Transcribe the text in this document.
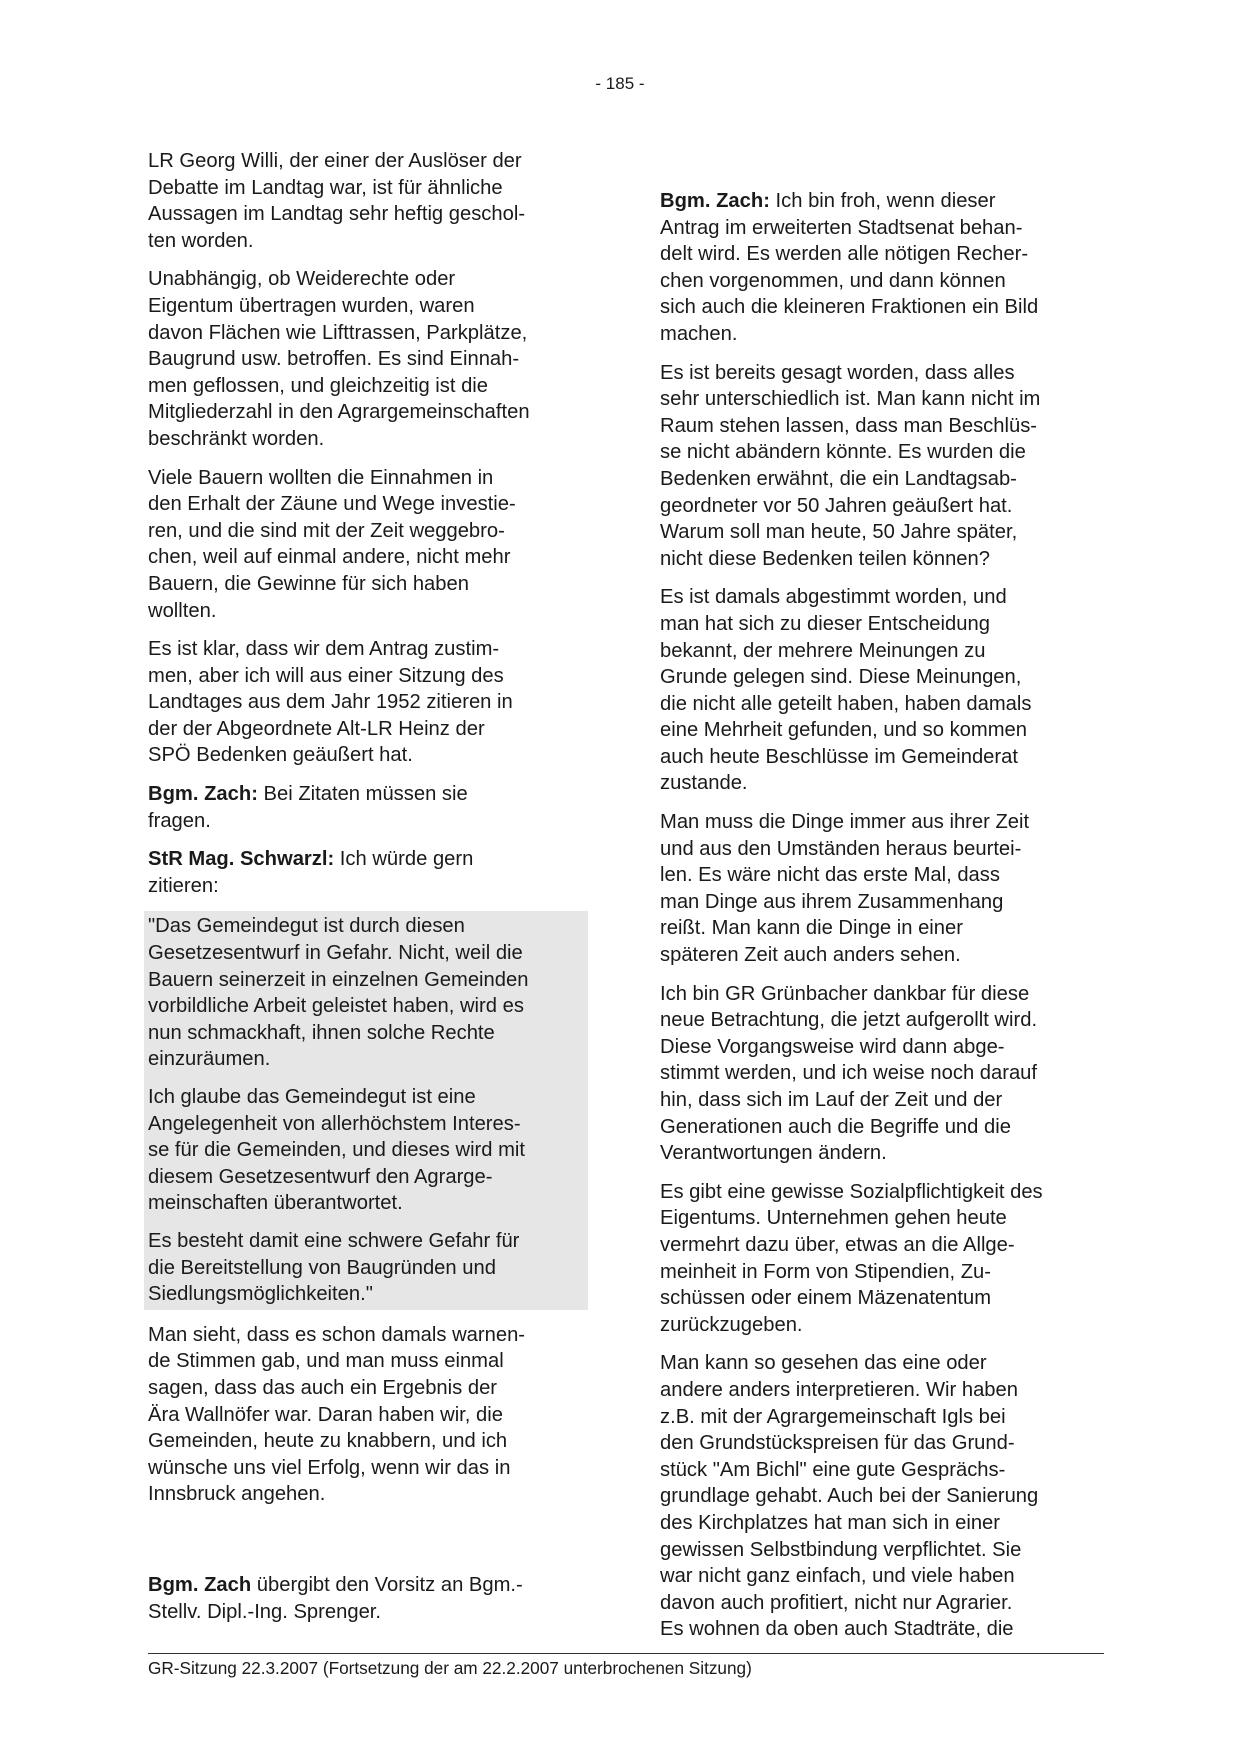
- 185 -
LR Georg Willi, der einer der Auslöser der
Debatte im Landtag war, ist für ähnliche
Aussagen im Landtag sehr heftig geschol-
ten worden.
Unabhängig, ob Weiderechte oder
Eigentum übertragen wurden, waren
davon Flächen wie Lifttrassen, Parkplätze,
Baugrund usw. betroffen. Es sind Einnah-
men geflossen, und gleichzeitig ist die
Mitgliederzahl in den Agrargemeinschaften
beschränkt worden.
Viele Bauern wollten die Einnahmen in
den Erhalt der Zäune und Wege investie-
ren, und die sind mit der Zeit weggebro-
chen, weil auf einmal andere, nicht mehr
Bauern, die Gewinne für sich haben
wollten.
Es ist klar, dass wir dem Antrag zustim-
men, aber ich will aus einer Sitzung des
Landtages aus dem Jahr 1952 zitieren in
der der Abgeordnete Alt-LR Heinz der
SPÖ Bedenken geäußert hat.
Bgm. Zach: Bei Zitaten müssen sie
fragen.
StR Mag. Schwarzl: Ich würde gern
zitieren:
"Das Gemeindegut ist durch diesen
Gesetzesentwurf in Gefahr. Nicht, weil die
Bauern seinerzeit in einzelnen Gemeinden
vorbildliche Arbeit geleistet haben, wird es
nun schmackhaft, ihnen solche Rechte
einzuräumen.
Ich glaube das Gemeindegut ist eine
Angelegenheit von allerhöchstem Interes-
se für die Gemeinden, und dieses wird mit
diesem Gesetzesentwurf den Agrarge-
meinschaften überantwortet.
Es besteht damit eine schwere Gefahr für
die Bereitstellung von Baugründen und
Siedlungsmöglichkeiten."
Man sieht, dass es schon damals warnen-
de Stimmen gab, und man muss einmal
sagen, dass das auch ein Ergebnis der
Ära Wallnöfer war. Daran haben wir, die
Gemeinden, heute zu knabbern, und ich
wünsche uns viel Erfolg, wenn wir das in
Innsbruck angehen.
Bgm. Zach übergibt den Vorsitz an Bgm.-
Stellv. Dipl.-Ing. Sprenger.
Bgm. Zach: Ich bin froh, wenn dieser
Antrag im erweiterten Stadtsenat behan-
delt wird. Es werden alle nötigen Recher-
chen vorgenommen, und dann können
sich auch die kleineren Fraktionen ein Bild
machen.
Es ist bereits gesagt worden, dass alles
sehr unterschiedlich ist. Man kann nicht im
Raum stehen lassen, dass man Beschlüs-
se nicht abändern könnte. Es wurden die
Bedenken erwähnt, die ein Landtagsab-
geordneter vor 50 Jahren geäußert hat.
Warum soll man heute, 50 Jahre später,
nicht diese Bedenken teilen können?
Es ist damals abgestimmt worden, und
man hat sich zu dieser Entscheidung
bekannt, der mehrere Meinungen zu
Grunde gelegen sind. Diese Meinungen,
die nicht alle geteilt haben, haben damals
eine Mehrheit gefunden, und so kommen
auch heute Beschlüsse im Gemeinderat
zustande.
Man muss die Dinge immer aus ihrer Zeit
und aus den Umständen heraus beurtei-
len. Es wäre nicht das erste Mal, dass
man Dinge aus ihrem Zusammenhang
reißt. Man kann die Dinge in einer
späteren Zeit auch anders sehen.
Ich bin GR Grünbacher dankbar für diese
neue Betrachtung, die jetzt aufgerollt wird.
Diese Vorgangsweise wird dann abge-
stimmt werden, und ich weise noch darauf
hin, dass sich im Lauf der Zeit und der
Generationen auch die Begriffe und die
Verantwortungen ändern.
Es gibt eine gewisse Sozialpflichtigkeit des
Eigentums. Unternehmen gehen heute
vermehrt dazu über, etwas an die Allge-
meinheit in Form von Stipendien, Zu-
schüssen oder einem Mäzenatentum
zurückzugeben.
Man kann so gesehen das eine oder
andere anders interpretieren. Wir haben
z.B. mit der Agrargemeinschaft Igls bei
den Grundstückspreisen für das Grund-
stück "Am Bichl" eine gute Gesprächs-
grundlage gehabt. Auch bei der Sanierung
des Kirchplatzes hat man sich in einer
gewissen Selbstbindung verpflichtet. Sie
war nicht ganz einfach, und viele haben
davon auch profitiert, nicht nur Agrarier.
Es wohnen da oben auch Stadträte, die
GR-Sitzung 22.3.2007 (Fortsetzung der am 22.2.2007 unterbrochenen Sitzung)
